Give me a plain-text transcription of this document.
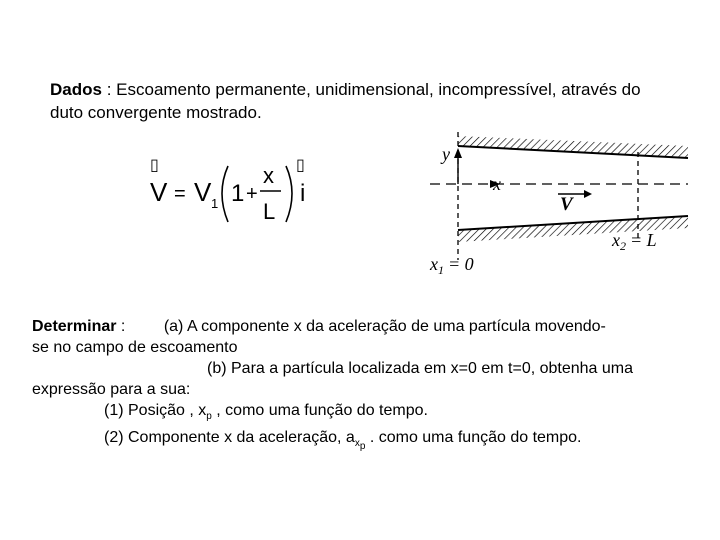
Dados : Escoamento permanente, unidimensional, incompressível, através do duto convergente mostrado.
▯
V = V 1 1 +
x
L
▯
i
y
x
V
$x_2 = L$
$x_1 = 0$
Determinar : (a) A componente x da aceleração de uma partícula movendo-
se no campo de escoamento
(b) Para a partícula localizada em x=0 em t=0, obtenha uma
expressão para a sua:
(1) Posição , $x_p$ , como uma função do tempo.
(2) Componente x da aceleração, $a_{xp}$ . como uma função do tempo.
